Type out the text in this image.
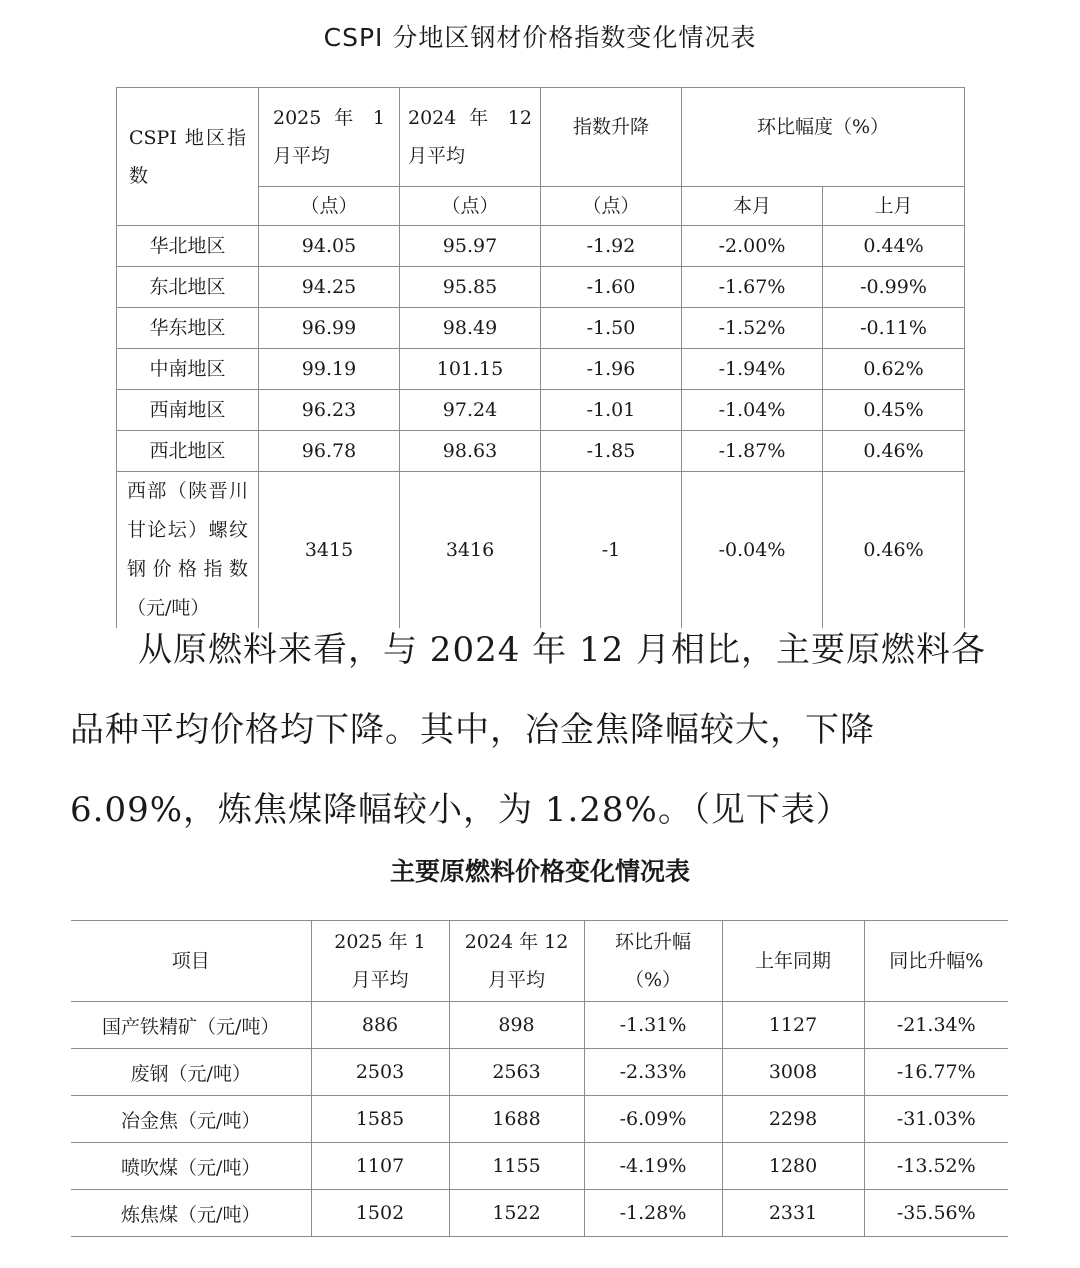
CSPI 分地区钢材价格指数变化情况表
CSPI 地区指数	2025 年 1 月平均	2024 年 12 月平均	指数升降	环比幅度（%）	
	（点）	（点）	（点）	本月	上月
华北地区	94.05	95.97	-1.92	-2.00%	0.44%
东北地区	94.25	95.85	-1.60	-1.67%	-0.99%
华东地区	96.99	98.49	-1.50	-1.52%	-0.11%
中南地区	99.19	101.15	-1.96	-1.94%	0.62%
西南地区	96.23	97.24	-1.01	-1.04%	0.45%
西北地区	96.78	98.63	-1.85	-1.87%	0.46%
西部（陕晋川甘论坛）螺纹钢价格指数（元/吨）	3415	3416	-1	-0.04%	0.46%
从原燃料来看，与 2024 年 12 月相比，主要原燃料各品种平均价格均下降。其中，冶金焦降幅较大，下降 6.09%，炼焦煤降幅较小，为 1.28%。（见下表）
主要原燃料价格变化情况表
项目	2025 年 1 月平均	2024 年 12 月平均	环比升幅（%）	上年同期	同比升幅%
国产铁精矿（元/吨）	886	898	-1.31%	1127	-21.34%
废钢（元/吨）	2503	2563	-2.33%	3008	-16.77%
冶金焦（元/吨）	1585	1688	-6.09%	2298	-31.03%
喷吹煤（元/吨）	1107	1155	-4.19%	1280	-13.52%
炼焦煤（元/吨）	1502	1522	-1.28%	2331	-35.56%
